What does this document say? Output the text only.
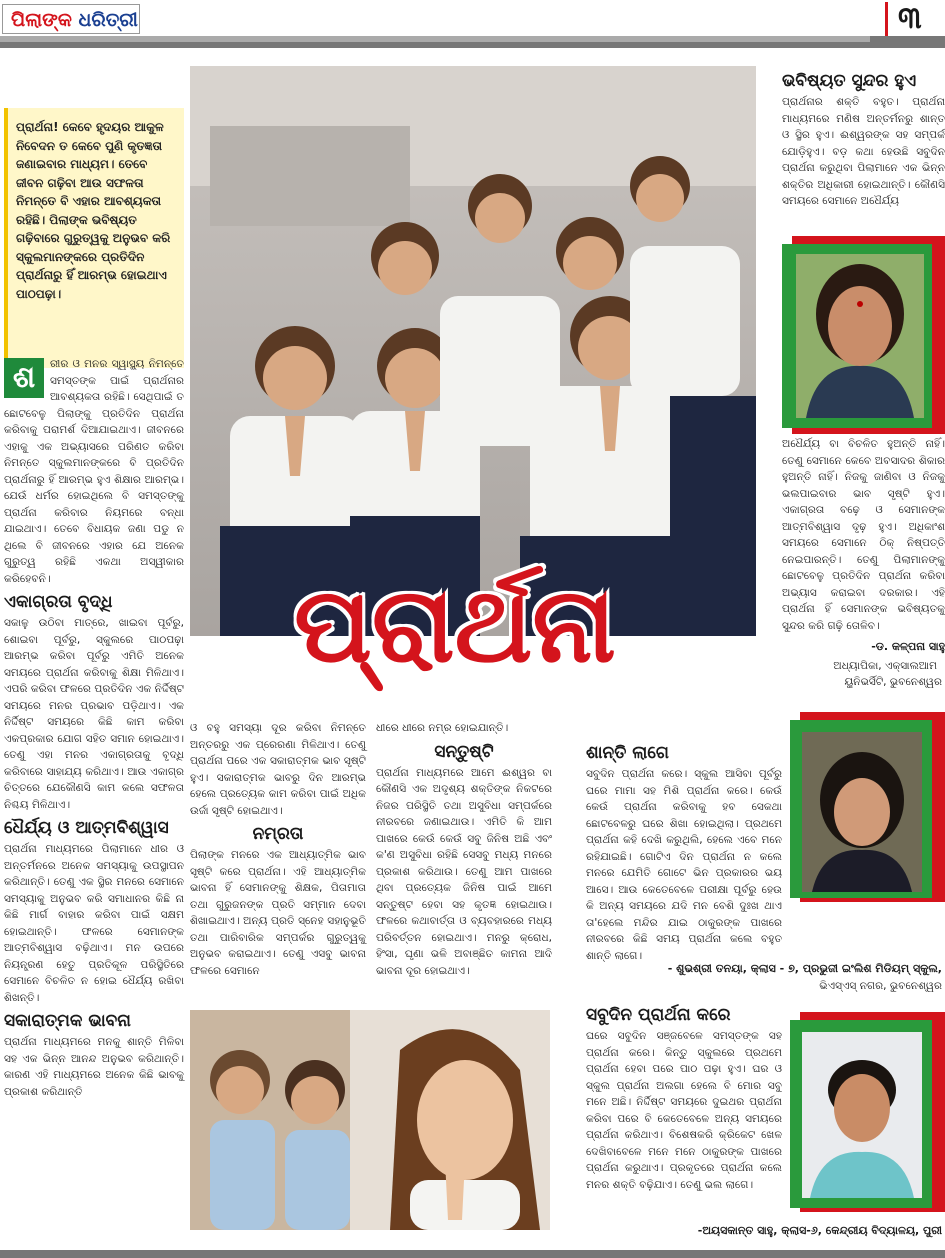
ପିଲାଙ୍କ ଧରିତ୍ରୀ	୩
ପ୍ରାର୍ଥନା! କେବେ ହୃଦୟର ଆକୁଳ ନିବେଦନ ତ କେବେ ପୁଣି କୃତଜ୍ଞତା ଜଣାଇବାର ମାଧ୍ୟମ। ତେବେ ଜୀବନ ଗଢ଼ିବା ଆଉ ସଫଳତା ନିମନ୍ତେ ବି ଏହାର ଆବଶ୍ୟକତା ରହିଛି। ପିଲାଙ୍କ ଭବିଷ୍ୟତ ଗଢ଼ିବାରେ ଗୁରୁତ୍ୱକୁ ଅନୁଭବ କରି ସ୍କୁଲମାନଙ୍କରେ ପ୍ରତିଦିନ ପ୍ରାର୍ଥନାରୁ ହିଁ ଆରମ୍ଭ ହୋଇଥାଏ ପାଠପଢ଼ା।

ଶ	ରୀର ଓ ମନର ସ୍ୱାସ୍ଥ୍ୟ ନିମନ୍ତେ ସମସ୍ତଙ୍କ ପାଇଁ ପ୍ରାର୍ଥନାର ଆବଶ୍ୟକତା ରହିଛି। ସେଥିପାଇଁ ତ ଛୋଟବେଳୁ ପିଲାଙ୍କୁ ପ୍ରତିଦିନ ପ୍ରାର୍ଥନା କରିବାକୁ ପରାମର୍ଶ ଦିଆଯାଇଥାଏ। ଜୀବନରେ ଏହାକୁ ଏକ ଅଭ୍ୟାସରେ ପରିଣତ କରିବା ନିମନ୍ତେ ସ୍କୁଲମାନଙ୍କରେ ବି ପ୍ରତିଦିନ ପ୍ରାର୍ଥନାରୁ ହିଁ ଆରମ୍ଭ ହୁଏ ଶିକ୍ଷାର ଆରମ୍ଭ। ଯେଉଁ ଧର୍ମର ହୋଇଥିଲେ ବି ସମସ୍ତଙ୍କୁ ପ୍ରାର୍ଥନା କରିବାର ନିୟମରେ ବନ୍ଧା ଯାଇଥାଏ। ତେବେ ବିଧାୟକ ଜଣା ପଡୁ ନ ଥିଲେ ବି ଜୀବନରେ ଏହାର ଯେ ଅନେକ ଗୁରୁତ୍ୱ ରହିଛି ଏକଥା ଅସ୍ୱୀକାର କରିହେବନି।

ଏକାଗ୍ରତା ବୃଦ୍ଧି

ସକାଳୁ ଉଠିବା ମାତ୍ରେ, ଖାଇବା ପୂର୍ବରୁ, ଶୋଇବା ପୂର୍ବରୁ, ସ୍କୁଲରେ ପାଠପଢ଼ା ଆରମ୍ଭ କରିବା ପୂର୍ବରୁ ଏମିତି ଅନେକ ସମୟରେ ପ୍ରାର୍ଥନା କରିବାକୁ ଶିକ୍ଷା ମିଳିଥାଏ। ଏପରି କରିବା ଫଳରେ ପ୍ରତିଦିନ ଏକ ନିର୍ଦ୍ଦିଷ୍ଟ ସମୟରେ ମନର ପ୍ରଭାବ ପଡ଼ିଥାଏ। ଏକ ନିର୍ଦ୍ଦିଷ୍ଟ ସମୟରେ କିଛି କାମ କରିବା ଏକପ୍ରକାର ଯୋଗ ସହିତ ସମାନ ହୋଇଥାଏ। ତେଣୁ ଏହା ମନର ଏକାଗ୍ରତାକୁ ବୃଦ୍ଧି କରିବାରେ ସାହାଯ୍ୟ କରିଥାଏ। ଆଉ ଏକାଗ୍ର ଚିତ୍ତରେ ଯେକୌଣସି କାମ କଲେ ସଫଳତା ନିଶ୍ଚୟ ମିଳିଥାଏ।

ଧୈର୍ଯ୍ୟ ଓ ଆତ୍ମବିଶ୍ୱାସ

ପ୍ରାର୍ଥନା ମାଧ୍ୟମରେ ପିଲାମାନେ ଧୀର ଓ ଅନ୍ତର୍ମନରେ ଅନେକ ସମସ୍ୟାକୁ ଉପସ୍ଥାପନ କରିଥାନ୍ତି। ତେଣୁ ଏକ ସ୍ଥିର ମନରେ ସେମାନେ ସମସ୍ୟାକୁ ଅନୁଭବ କରି ସମାଧାନର କିଛି ନା କିଛି ମାର୍ଗ ବାହାର କରିବା ପାଇଁ ସକ୍ଷମ ହୋଇଥାନ୍ତି। ଫଳରେ ସେମାନଙ୍କ ଆତ୍ମବିଶ୍ୱାସ ବଢ଼ିଥାଏ। ମନ ଉପରେ ନିୟନ୍ତ୍ରଣ ହେତୁ ପ୍ରତିକୂଳ ପରିସ୍ଥିତିରେ ସେମାନେ ବିଚଳିତ ନ ହୋଇ ଧୈର୍ଯ୍ୟ ରଖିବା ଶିଖନ୍ତି।

ସକାରାତ୍ମକ ଭାବନା

ପ୍ରାର୍ଥନା ମାଧ୍ୟମରେ ମନକୁ ଶାନ୍ତି ମିଳିବା ସହ ଏକ ଭିନ୍ନ ଆନନ୍ଦ ଅନୁଭବ କରିଥାନ୍ତି। କାରଣ ଏହି ମାଧ୍ୟମରେ ଅନେକ କିଛି ଭାବକୁ ପ୍ରକାଶ କରିଥାନ୍ତି

ପ୍ରାର୍ଥନା

ଓ ବହୁ ସମସ୍ୟା ଦୂର କରିବା ନିମନ୍ତେ ଅନ୍ତରରୁ ଏକ ପ୍ରେରଣା ମିଳିଥାଏ। ତେଣୁ ପ୍ରାର୍ଥନା ପରେ ଏକ ସକାରାତ୍ମକ ଭାବ ସୃଷ୍ଟି ହୁଏ। ସକାରାତ୍ମକ ଭାବରୁ ଦିନ ଆରମ୍ଭ ହେଲେ ପ୍ରତ୍ୟେକ କାମ କରିବା ପାଇଁ ଅଧିକ ଉର୍ଜା ସୃଷ୍ଟି ହୋଇଥାଏ।

ନମ୍ରତା

ପିଲାଙ୍କ ମନରେ ଏକ ଆଧ୍ୟାତ୍ମିକ ଭାବ ସୃଷ୍ଟି କରେ ପ୍ରାର୍ଥନା। ଏହି ଆଧ୍ୟାତ୍ମିକ ଭାବନା ହିଁ ସେମାନଙ୍କୁ ଶିକ୍ଷକ, ପିତାମାତା ତଥା ଗୁରୁଜନଙ୍କ ପ୍ରତି ସମ୍ମାନ ଦେବା ଶିଖାଇଥାଏ। ଅନ୍ୟ ପ୍ରତି ସ୍ନେହ ସହାନୁଭୂତି ତଥା ପାରିବାରିକ ସମ୍ପର୍କର ଗୁରୁତ୍ୱକୁ ଅନୁଭବ କରାଇଥାଏ। ତେଣୁ ଏସବୁ ଭାବନା ଫଳରେ ସେମାନେ

ଧୀରେ ଧୀରେ ନମ୍ର ହୋଇଯାନ୍ତି।

ସନ୍ତୁଷ୍ଟି

ପ୍ରାର୍ଥନା ମାଧ୍ୟମରେ ଆମେ ଈଶ୍ୱର ବା କୌଣସି ଏକ ଅଦୃଶ୍ୟ ଶକ୍ତିଙ୍କ ନିକଟରେ ନିଜର ପରିସ୍ଥିତି ତଥା ଅସୁବିଧା ସମ୍ପର୍କରେ ନୀରବରେ ଜଣାଇଥାଉ। ଏମିତି କି ଆମ ପାଖରେ କେଉଁ କେଉଁ ସବୁ ଜିନିଷ ଅଛି ଏବଂ କ'ଣ ଅସୁବିଧା ରହିଛି ସେସବୁ ମଧ୍ୟ ମନରେ ପ୍ରକାଶ କରିଥାଉ। ତେଣୁ ଆମ ପାଖରେ ଥିବା ପ୍ରତ୍ୟେକ ଜିନିଷ ପାଇଁ ଆମେ ସନ୍ତୁଷ୍ଟ ହେବା ସହ କୃତଜ୍ଞ ହୋଇଥାଉ। ଫଳରେ କଥାବାର୍ତ୍ତା ଓ ବ୍ୟବହାରରେ ମଧ୍ୟ ପରିବର୍ତ୍ତନ ହୋଇଥାଏ। ମନରୁ କ୍ରୋଧ, ହିଂସା, ଘୃଣା ଭଳି ଅବାଞ୍ଛିତ କାମନା ଆଦି ଭାବନା ଦୂର ହୋଇଥାଏ।

ଭବିଷ୍ୟତ ସୁନ୍ଦର ହୁଏ

ପ୍ରାର୍ଥନାର ଶକ୍ତି ବହୁତ। ପ୍ରାର୍ଥନା ମାଧ୍ୟମରେ ମଣିଷ ଅନ୍ତର୍ମନରୁ ଶାନ୍ତ ଓ ସ୍ଥିର ହୁଏ। ଈଶ୍ୱରଙ୍କ ସହ ସମ୍ପର୍କ ଯୋଡ଼ିହୁଏ। ବଡ଼ କଥା ହେଉଛି ସବୁଦିନ ପ୍ରାର୍ଥନା କରୁଥିବା ପିଲାମାନେ ଏକ ଭିନ୍ନ ଶକ୍ତିର ଅଧିକାରୀ ହୋଇଥାନ୍ତି। କୌଣସି ସମୟରେ ସେମାନେ ଅଧୈର୍ଯ୍ୟ

ଅଧୈର୍ଯ୍ୟ ବା ବିଚଳିତ ହୁଅନ୍ତି ନାହିଁ। ତେଣୁ ସେମାନେ କେବେ ଅବସାଦର ଶିକାର ହୁଅନ୍ତି ନାହିଁ। ନିଜକୁ ଜାଣିବା ଓ ନିଜକୁ ଭଲପାଇବାର ଭାବ ସୃଷ୍ଟି ହୁଏ। ଏକାଗ୍ରତା ବଢ଼େ ଓ ସେମାନଙ୍କ ଆତ୍ମବିଶ୍ୱାସ ଦୃଢ଼ ହୁଏ। ଅଧିକାଂଶ ସମୟରେ ସେମାନେ ଠିକ୍ ନିଷ୍ପତ୍ତି ନେଇପାରନ୍ତି। ତେଣୁ ପିଲାମାନଙ୍କୁ ଛୋଟବେଳୁ ପ୍ରତିଦିନ ପ୍ରାର୍ଥନା କରିବା ଅଭ୍ୟାସ କରାଇବା ଦରକାର। ଏହି ପ୍ରାର୍ଥନା ହିଁ ସେମାନଙ୍କ ଭବିଷ୍ୟତକୁ ସୁନ୍ଦର କରି ଗଢ଼ି ତୋଳିବ।

-ଡ. କଳ୍ପନା ସାହୁ
ଅଧ୍ୟାପିକା, ଏକ୍ସାଲଆମ
ୟୁନିଭର୍ସିଟି, ଭୁବନେଶ୍ୱର
ଶାନ୍ତି ଲାଗେ

ସବୁଦିନ ପ୍ରାର୍ଥନା କରେ। ସ୍କୁଲ ଆସିବା ପୂର୍ବରୁ ଘରେ ମାମା ସହ ମିଶି ପ୍ରାର୍ଥନା କରେ। କେଉଁ କେଉଁ ପ୍ରାର୍ଥନା କରିବାକୁ ହବ ସେକଥା ଛୋଟବେଳରୁ ଘରେ ଶିଖା ହୋଇଥିଲା। ପ୍ରଥମେ ପ୍ରାର୍ଥନା କହି ଦେଖି କରୁଥିଲି, ହେଲେ ଏବେ ମନେ ରହିଯାଇଛି। ଗୋଟିଏ ଦିନ ପ୍ରାର୍ଥନା ନ କଲେ ମନରେ ଯେମିତି ଗୋଟେ ଭିନ ପ୍ରକାରର ଭୟ ଆସେ। ଆଉ କେତେବେଳେ ପରୀକ୍ଷା ପୂର୍ବରୁ ହେଉ କି ଅନ୍ୟ ସମୟରେ ଯଦି ମନ ବେଶି ଦୁଃଖ ଥାଏ ତା'ହେଲେ ମନ୍ଦିର ଯାଇ ଠାକୁରଙ୍କ ପାଖରେ ନୀରବରେ କିଛି ସମୟ ପ୍ରାର୍ଥନା କଲେ ବହୁତ ଶାନ୍ତି ଲାଗେ।

- ଶୁଭଶ୍ରୀ ତନୟା, କ୍ଲାସ - ୭, ପ୍ରଭୁଜୀ ଇଂଲିଶ ମିଡିୟମ୍ ସ୍କୁଲ,
ଭିଏସ୍ଏସ୍ ନଗର, ଭୁବନେଶ୍ୱର
ସବୁଦିନ ପ୍ରାର୍ଥନା କରେ

ଘରେ ସବୁଦିନ ସଞ୍ଜବେଳେ ସମସ୍ତଙ୍କ ସହ ପ୍ରାର୍ଥନା କରେ। କିନ୍ତୁ ସ୍କୁଲରେ ପ୍ରଥମେ ପ୍ରାର୍ଥନା ହେବା ପରେ ପାଠ ପଢ଼ା ହୁଏ। ଘର ଓ ସ୍କୁଲ ପ୍ରାର୍ଥନା ଅଲଗା ହେଲେ ବି ମୋର ସବୁ ମନେ ଅଛି। ନିର୍ଦ୍ଦିଷ୍ଟ ସମୟରେ ଦୁଇଥର ପ୍ରାର୍ଥନା କରିବା ପରେ ବି କେତେବେଳେ ଅନ୍ୟ ସମୟରେ ପ୍ରାର୍ଥନା କରିଥାଏ। ବିଶେଷକରି କ୍ରିକେଟ ଖେଳ ଦେଖିବାବେଳେ ମନେ ମନେ ଠାକୁରଙ୍କ ପାଖରେ ପ୍ରାର୍ଥନା କରୁଥାଏ। ପ୍ରକୃତରେ ପ୍ରାର୍ଥନା କଲେ ମନର ଶକ୍ତି ବଢ଼ିଯାଏ। ତେଣୁ ଭଲ ଲାଗେ।

-ଅୟସକାନ୍ତ ସାହୁ, କ୍ଲାସ-୬, କେନ୍ଦ୍ରୀୟ ବିଦ୍ୟାଳୟ, ପୁରୀ
